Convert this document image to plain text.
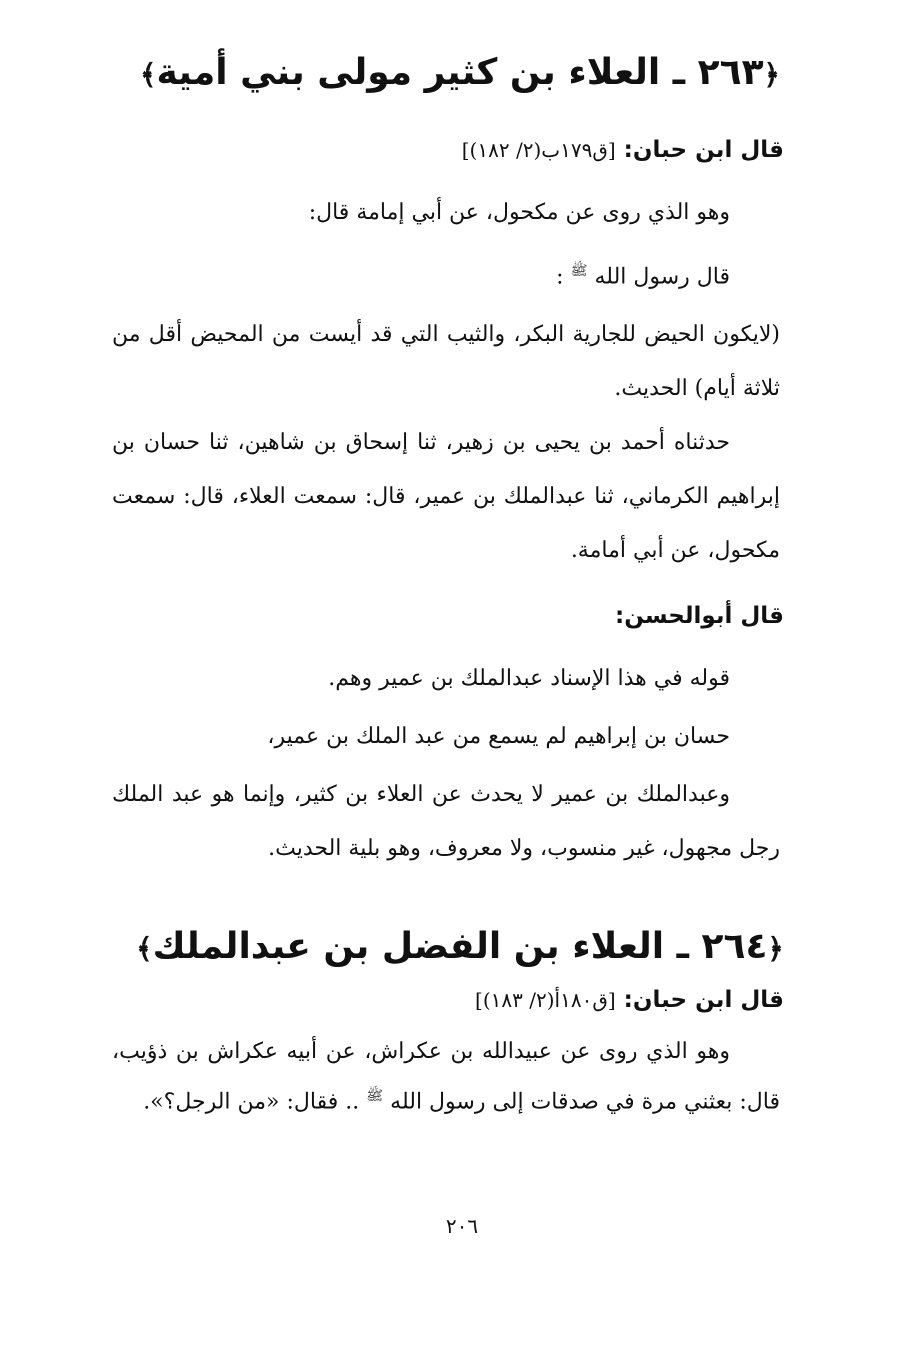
﴿٢٦٣ ـ العلاء بن كثير مولى بني أمية﴾
قال ابن حبان: [ق١٧٩ب(٢/ ١٨٢)]
وهو الذي روى عن مكحول، عن أبي إمامة قال:
قال رسول الله $^ﷺ$ :
(لايكون الحيض للجارية البكر، والثيب التي قد أيست من المحيض أقل من ثلاثة أيام) الحديث.
حدثناه أحمد بن يحيى بن زهير، ثنا إسحاق بن شاهين، ثنا حسان بن إبراهيم الكرماني، ثنا عبدالملك بن عمير، قال: سمعت العلاء، قال: سمعت مكحول، عن أبي أمامة.
قال أبوالحسن:
قوله في هذا الإسناد عبدالملك بن عمير وهم.
حسان بن إبراهيم لم يسمع من عبد الملك بن عمير،
وعبدالملك بن عمير لا يحدث عن العلاء بن كثير، وإنما هو عبد الملك رجل مجهول، غير منسوب، ولا معروف، وهو بلية الحديث.
﴿٢٦٤ ـ العلاء بن الفضل بن عبدالملك﴾
قال ابن حبان: [ق١٨٠أ(٢/ ١٨٣)]
وهو الذي روى عن عبيدالله بن عكراش، عن أبيه عكراش بن ذؤيب، قال: بعثني مرة في صدقات إلى رسول الله $^ﷺ$ .. فقال: «من الرجل؟».
٢٠٦
